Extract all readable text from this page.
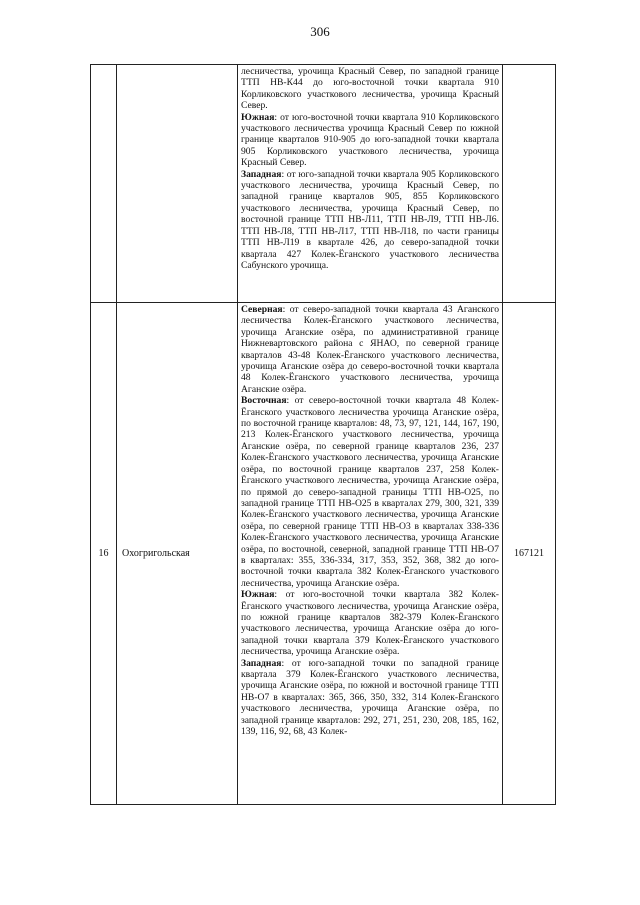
306

		лесничества, урочища Красный Север, по западной границе ТТП НВ-К44 до юго-восточной точки квартала 910 Корликовского участкового лесничества, урочища Красный Север.

Южная: от юго-восточной точки квартала 910 Корликовского участкового лесничества урочища Красный Север по южной границе кварталов 910-905 до юго-западной точки квартала 905 Корликовского участкового лесничества, урочища Красный Север.

Западная: от юго-западной точки квартала 905 Корликовского участкового лесничества, урочища Красный Север, по западной границе кварталов 905, 855 Корликовского участкового лесничества, урочища Красный Север, по восточной границе ТТП НВ-Л11, ТТП НВ-Л9, ТТП НВ-Л6. ТТП НВ-Л8, ТТП НВ-Л17, ТТП НВ-Л18, по части границы ТТП НВ-Л19 в квартале 426, до северо-западной точки квартала 427 Колек-Ёганского участкового лесничества Сабунского урочища.	

16	Охогригольская	Северная: от северо-западной точки квартала 43 Аганского лесничества Колек-Ёганского участкового лесничества, урочища Аганские озёра, по административной границе Нижневартовского района с ЯНАО, по северной границе кварталов 43-48 Колек-Ёганского участкового лесничества, урочища Аганские озёра до северо-восточной точки квартала 48 Колек-Ёганского участкового лесничества, урочища Аганские озёра.

Восточная: от северо-восточной точки квартала 48 Колек-Ёганского участкового лесничества урочища Аганские озёра, по восточной границе кварталов: 48, 73, 97, 121, 144, 167, 190, 213 Колек-Ёганского участкового лесничества, урочища Аганские озёра, по северной границе кварталов 236, 237 Колек-Ёганского участкового лесничества, урочища Аганские озёра, по восточной границе кварталов 237, 258 Колек-Ёганского участкового лесничества, урочища Аганские озёра, по прямой до северо-западной границы ТТП НВ-О25, по западной границе ТТП НВ-О25 в кварталах 279, 300, 321, 339 Колек-Ёганского участкового лесничества, урочища Аганские озёра, по северной границе ТТП НВ-О3 в кварталах 338-336 Колек-Ёганского участкового лесничества, урочища Аганские озёра, по восточной, северной, западной границе ТТП НВ-О7 в кварталах: 355, 336-334, 317, 353, 352, 368, 382 до юго-восточной точки квартала 382 Колек-Ёганского участкового лесничества, урочища Аганские озёра.

Южная: от юго-восточной точки квартала 382 Колек-Ёганского участкового лесничества, урочища Аганские озёра, по южной границе кварталов 382-379 Колек-Ёганского участкового лесничества, урочища Аганские озёра до юго-западной точки квартала 379 Колек-Ёганского участкового лесничества, урочища Аганские озёра.

Западная: от юго-западной точки по западной границе квартала 379 Колек-Ёганского участкового лесничества, урочища Аганские озёра, по южной и восточной границе ТТП НВ-О7 в кварталах: 365, 366, 350, 332, 314 Колек-Ёганского участкового лесничества, урочища Аганские озёра, по западной границе кварталов: 292, 271, 251, 230, 208, 185, 162, 139, 116, 92, 68, 43 Колек-	167121
